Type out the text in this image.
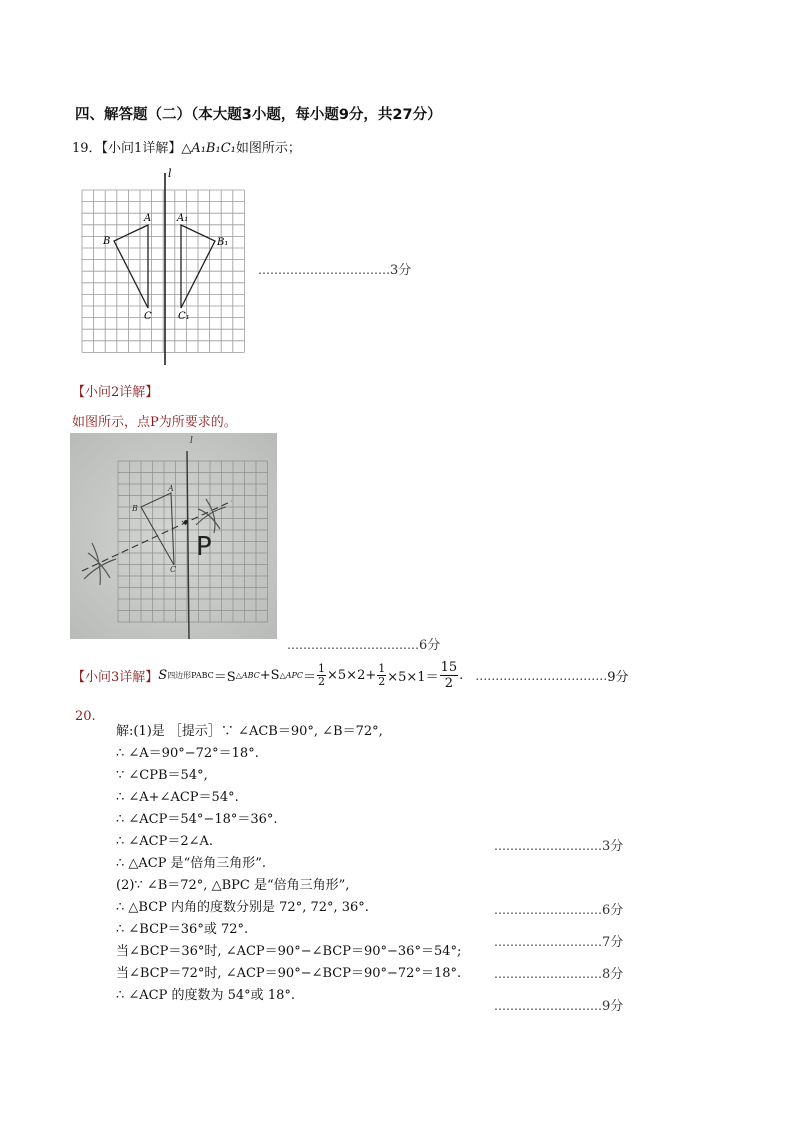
四、解答题（二）（本大题3小题，每小题9分，共27分）
19．【小问1详解】△A₁B₁C₁如图所示；
l
A
B
C
A₁
B₁
C₁
……………………………3分
【小问2详解】
如图所示，点P为所要求的。
l
A
B
C
P
……………………………6分
【小问3详解】 S 四边形PABC ＝S △ABC +S △APC ＝ $\frac{1}{2} \times 5\times 2+ \frac{1}{2} \times 5\times 1= \frac{15}{2}$ . …………………………… 9分
20.
解:(1)是 ［提示］∵ ∠ACB＝90°, ∠B＝72°,
∴ ∠A＝90°−72°＝18°.
∵ ∠CPB＝54°,
∴ ∠A+∠ACP＝54°.
∴ ∠ACP＝54°−18°＝36°.
∴ ∠ACP＝2∠A.
∴ △ACP 是“倍角三角形”.
(2)∵ ∠B＝72°, △BPC 是“倍角三角形”,
∴ △BCP 内角的度数分别是 72°, 72°, 36°.
∴ ∠BCP＝36°或 72°.
当∠BCP＝36°时, ∠ACP＝90°−∠BCP＝90°−36°＝54°;
当∠BCP＝72°时, ∠ACP＝90°−∠BCP＝90°−72°＝18°.
∴ ∠ACP 的度数为 54°或 18°.
………………………3分
………………………6分
………………………7分
………………………8分
………………………9分
